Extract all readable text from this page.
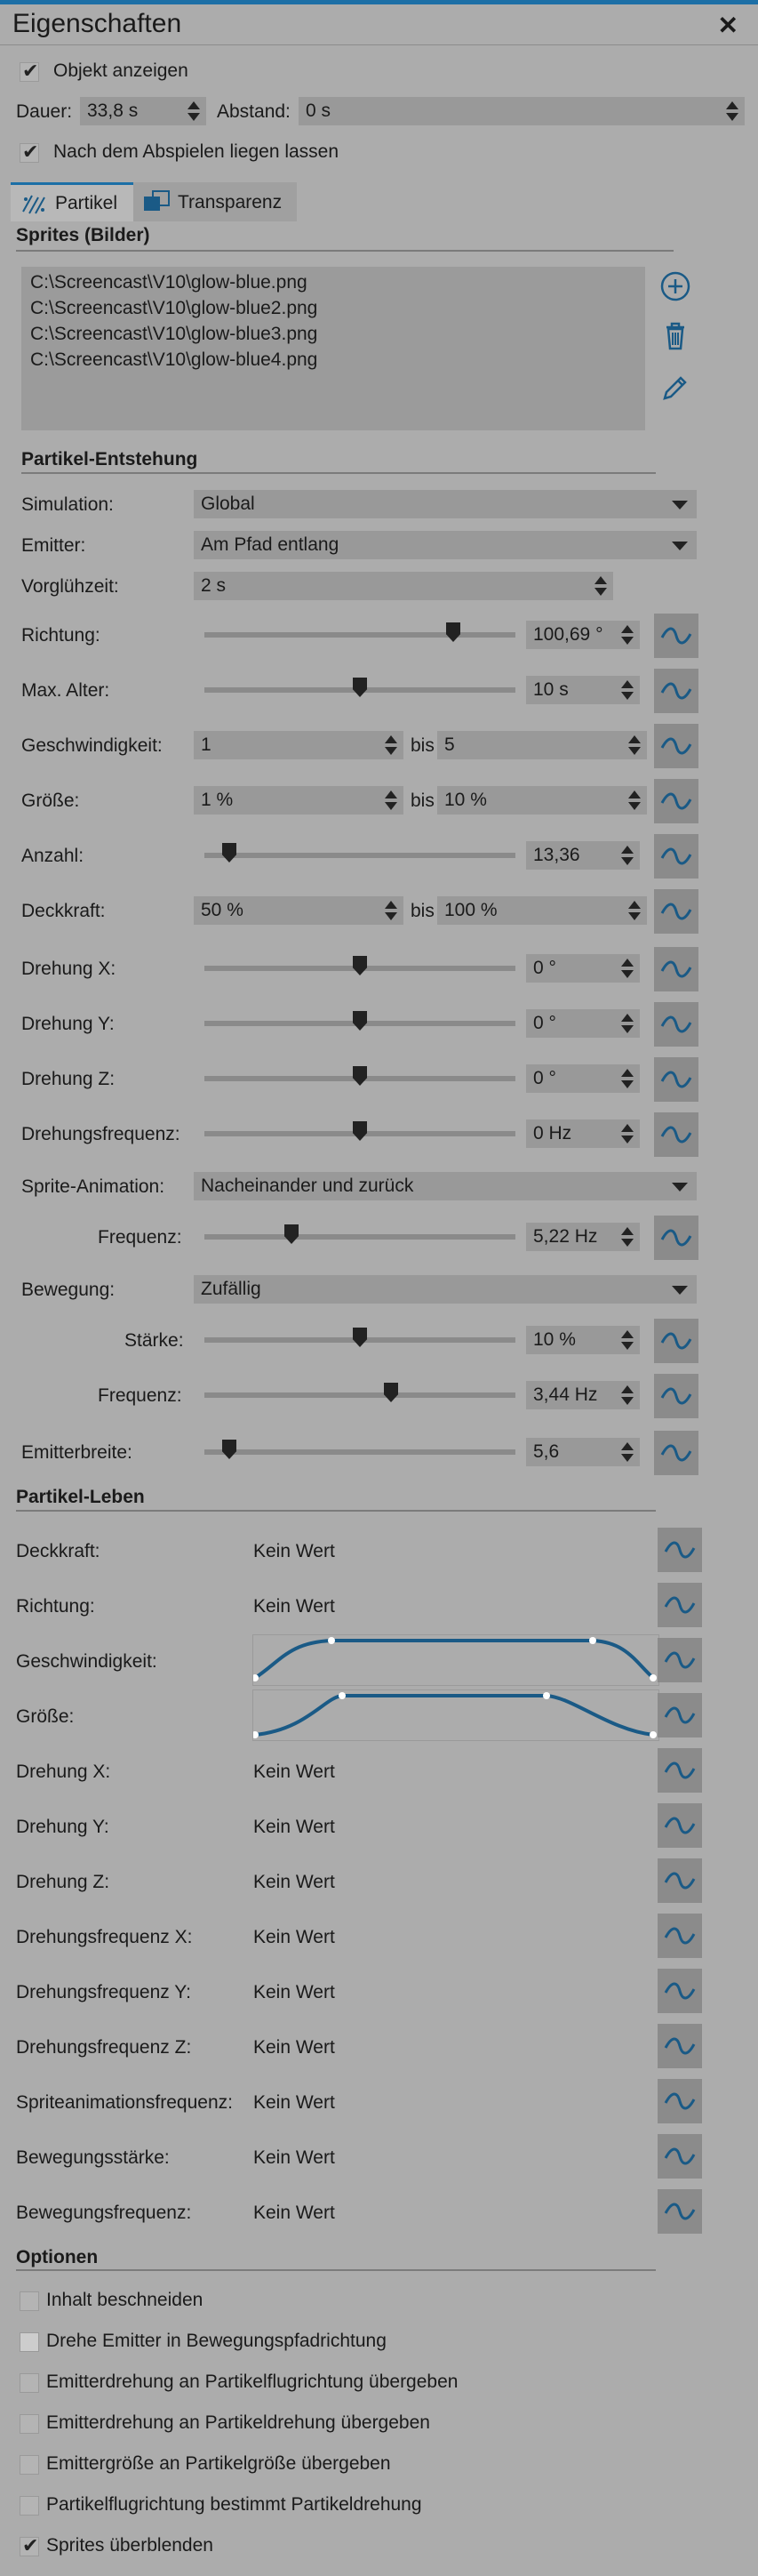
Eigenschaften	✕
✔
Objekt anzeigen
Dauer: 33,8 s	Abstand: 0 s
✔
Nach dem Abspielen liegen lassen
Partikel	Transparenz
Sprites (Bilder)
C:\Screencast\V10\glow-blue.png
C:\Screencast\V10\glow-blue2.png
C:\Screencast\V10\glow-blue3.png
C:\Screencast\V10\glow-blue4.png
Partikel-Entstehung
Simulation:	Global
Emitter:	Am Pfad entlang
Vorglühzeit:	2 s
Richtung:	100,69 °
Max. Alter:	10 s
Geschwindigkeit: 1	bis 5
Größe:	1 %	bis 10 %
Anzahl:	13,36
Deckkraft:	50 %	bis 100 %
Drehung X:	0 °
Drehung Y:	0 °
Drehung Z:	0 °
Drehungsfrequenz:	0 Hz
Sprite-Animation: Nacheinander und zurück
Frequenz:	5,22 Hz
Bewegung:	Zufällig
Stärke:	10 %
Frequenz:	3,44 Hz
Emitterbreite:	5,6
Partikel-Leben
Deckkraft:	Kein Wert
Richtung:	Kein Wert
Geschwindigkeit:
Größe:
Drehung X:	Kein Wert
Drehung Y:	Kein Wert
Drehung Z:	Kein Wert
Drehungsfrequenz X:	Kein Wert
Drehungsfrequenz Y:	Kein Wert
Drehungsfrequenz Z:	Kein Wert
Spriteanimationsfrequenz: Kein Wert
Bewegungsstärke:	Kein Wert
Bewegungsfrequenz:	Kein Wert
Optionen
Inhalt beschneiden
Drehe Emitter in Bewegungspfadrichtung
Emitterdrehung an Partikelflugrichtung übergeben
Emitterdrehung an Partikeldrehung übergeben
Emittergröße an Partikelgröße übergeben
Partikelflugrichtung bestimmt Partikeldrehung
✔
Sprites überblenden
